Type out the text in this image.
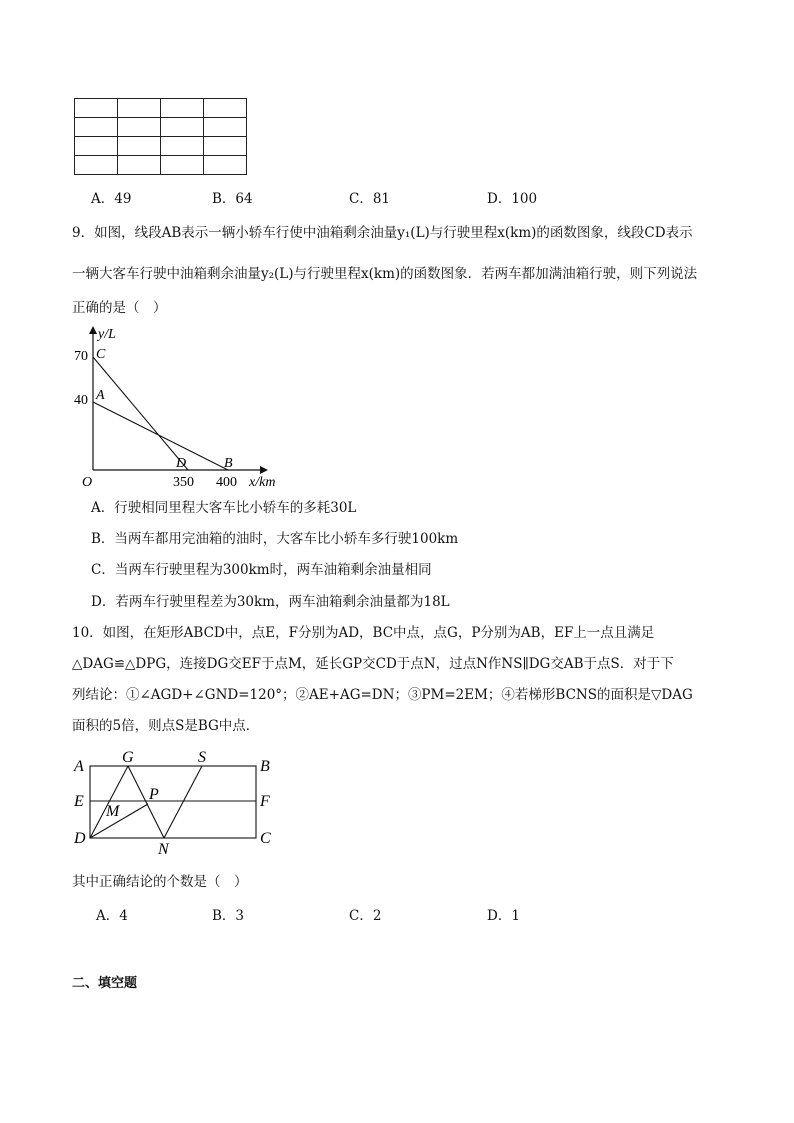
A．49	B．64	C．81	D．100
9．如图，线段AB表示一辆小轿车行使中油箱剩余油量y₁(L)与行驶里程x(km)的函数图象，线段CD表示
一辆大客车行驶中油箱剩余油量y₂(L)与行驶里程x(km)的函数图象．若两车都加满油箱行驶，则下列说法
正确的是（　）
y/L
70
40
C
A
D	B
O	350 400 x/km
A．行驶相同里程大客车比小轿车的多耗30L
B．当两车都用完油箱的油时，大客车比小轿车多行驶100km
C．当两车行驶里程为300km时，两车油箱剩余油量相同
D．若两车行驶里程差为30km，两车油箱剩余油量都为18L
10．如图，在矩形ABCD中，点E，F分别为AD，BC中点，点G，P分别为AB，EF上一点且满足
△DAG≌△DPG，连接DG交EF于点M，延长GP交CD于点N，过点N作NS∥DG交AB于点S．对于下
列结论：①∠AGD+∠GND=120°；②AE+AG=DN；③PM=2EM；④若梯形BCNS的面积是▽DAG
面积的5倍，则点S是BG中点．
A
G	S
B
E	F
P
M
D
N
C
其中正确结论的个数是（　）
A．4	B．3	C．2	D．1
二、填空题
